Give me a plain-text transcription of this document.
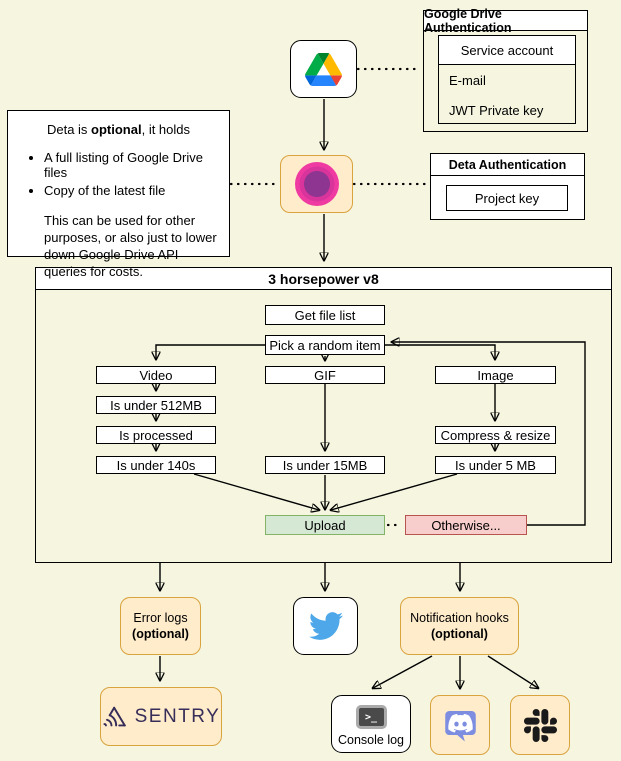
Google Drive Authentication
Service account
E-mail
JWT Private key
Deta is optional, it holds
• A full listing of Google Drive files
• Copy of the latest file
This can be used for other purposes, or also just to lower down Google Drive API queries for costs.
Deta Authentication
Project key
3 horsepower v8
Get file list
Pick a random item
Video	GIF	Image
Is under 512MB
Is processed
Is under 140s	Is under 15MB
Compress & resize
Is under 5 MB
Upload	Otherwise...
Error logs
(optional)
Notification hooks
(optional)
SENTRY	>_
Console log
